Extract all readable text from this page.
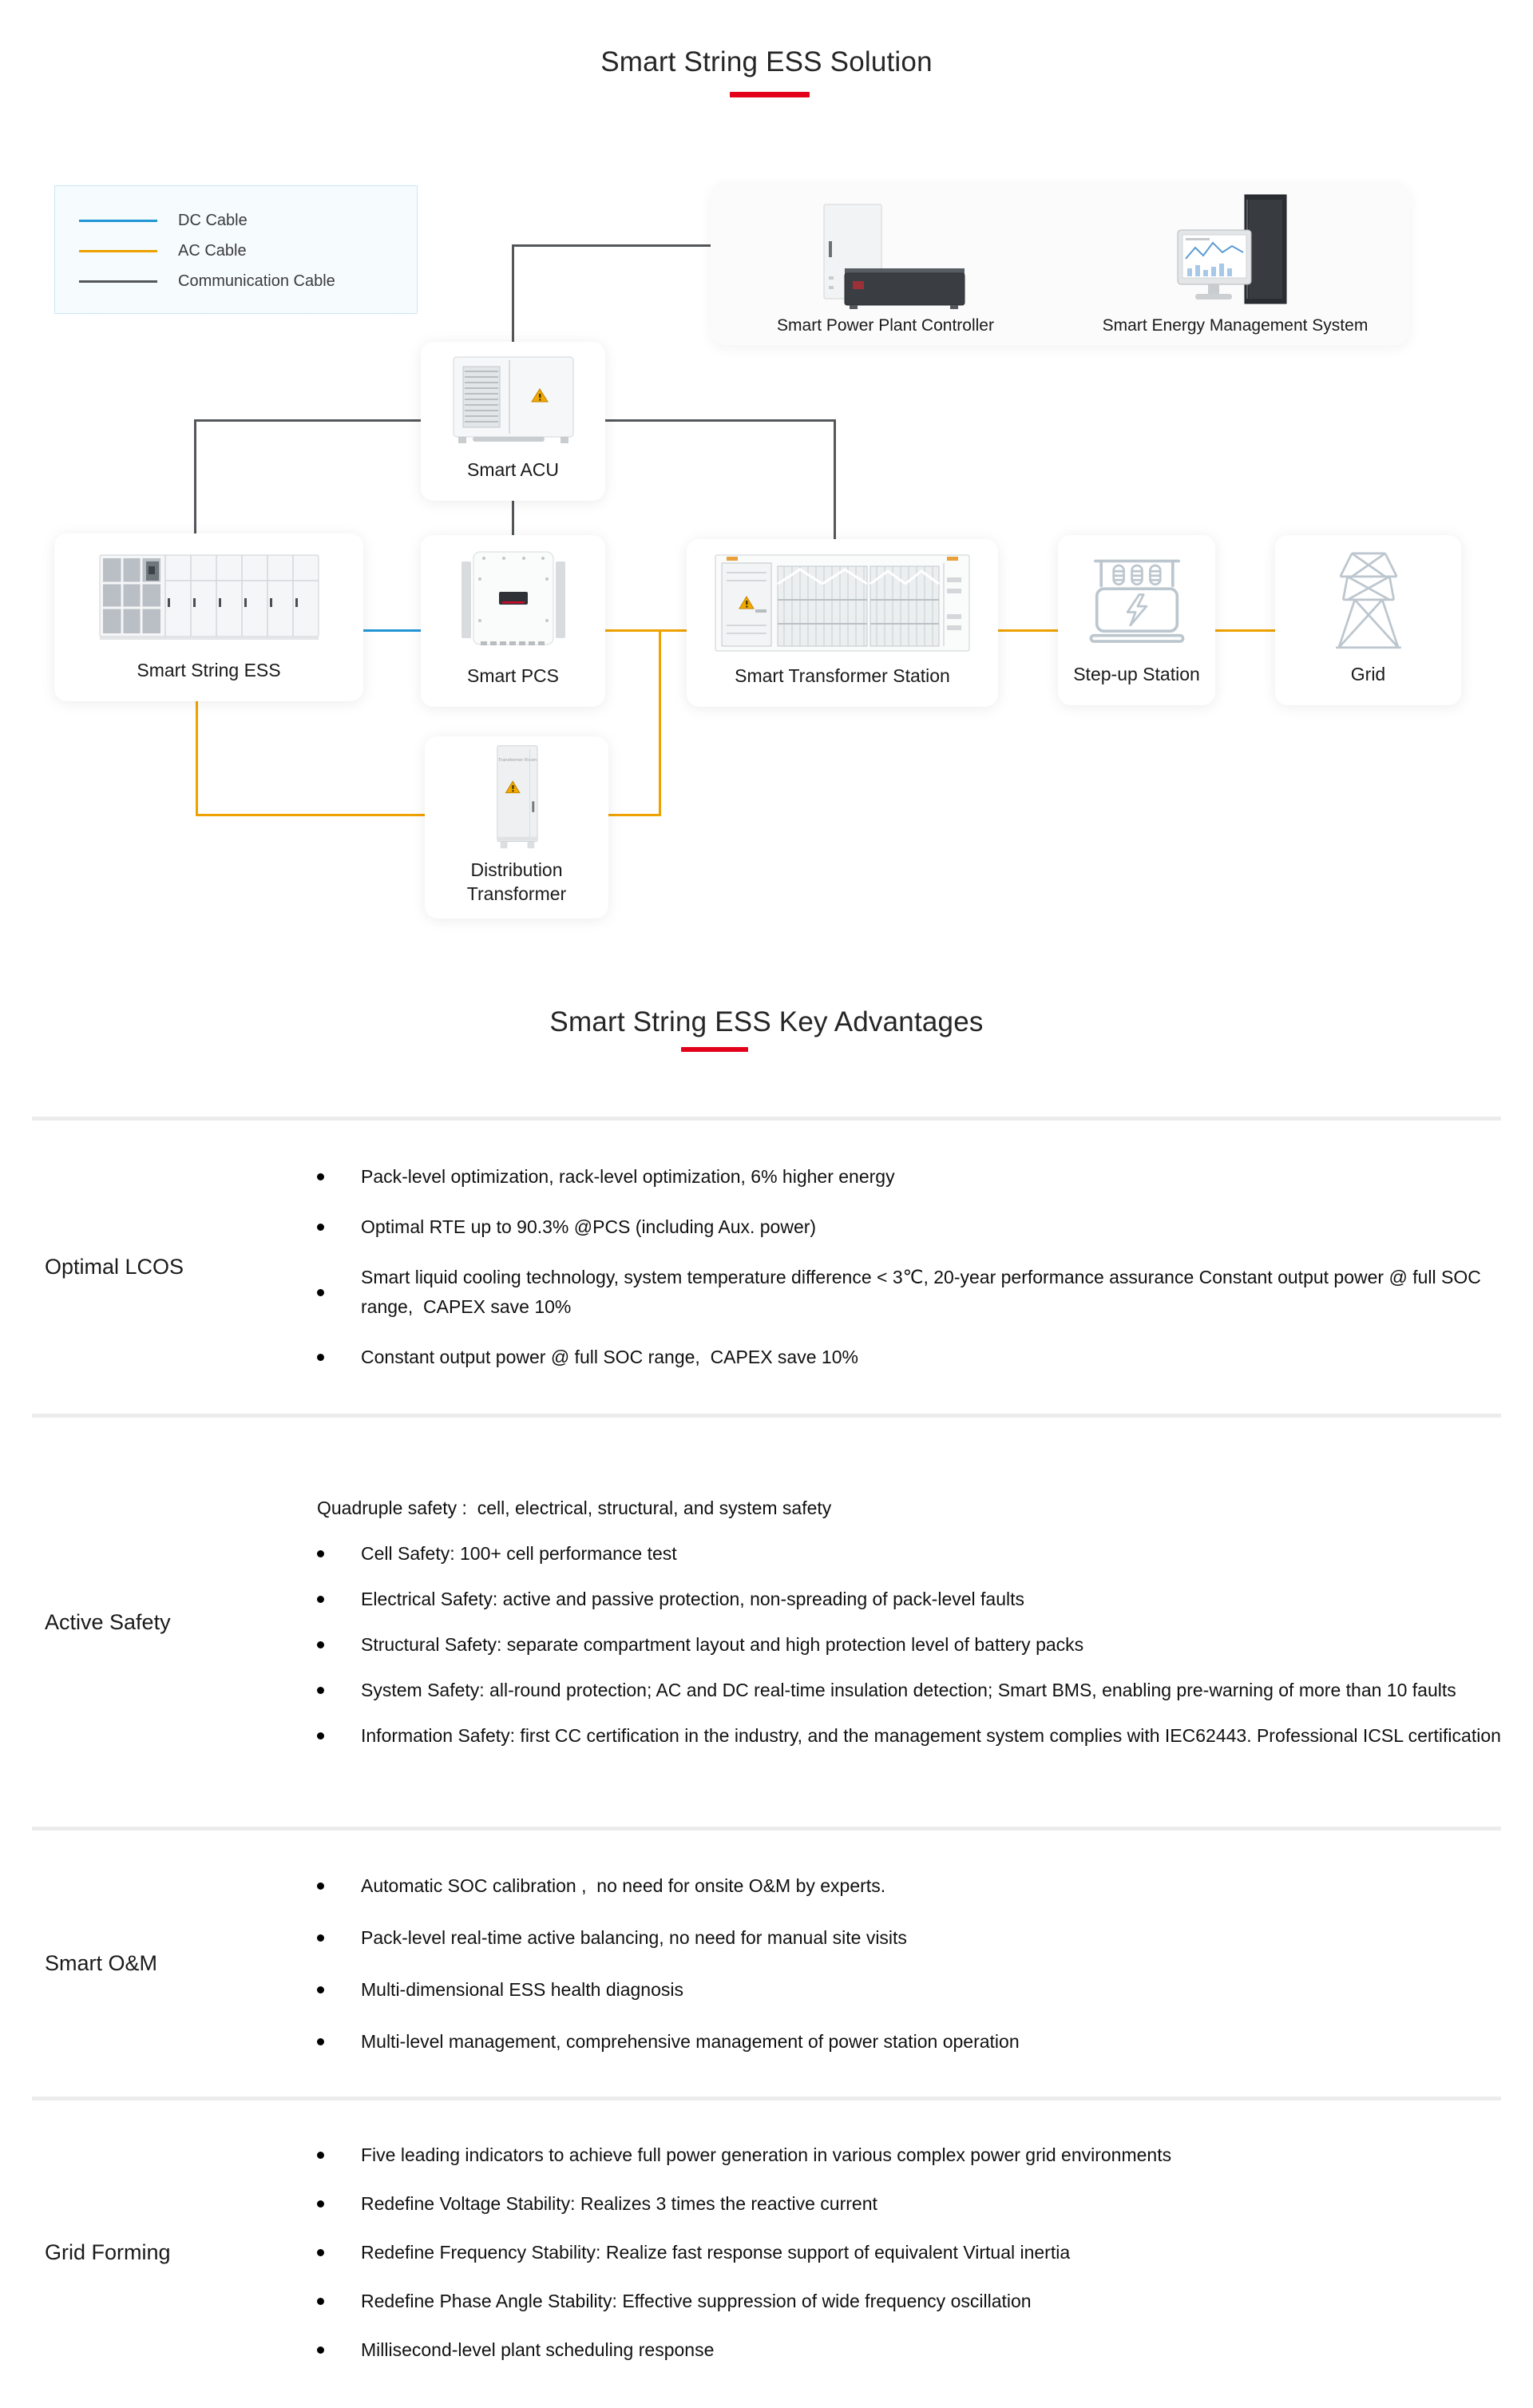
Smart String ESS Solution
DC Cable
AC Cable
Communication Cable
Smart Power Plant Controller	Smart Energy Management System
Smart ACU
Smart String ESS	Smart PCS	Smart Transformer Station	Step-up Station	Grid
Transformer Room
Distribution Transformer
Smart String ESS Key Advantages
Optimal LCOS

Pack-level optimization, rack-level optimization, 6% higher energy

Optimal RTE up to 90.3% @PCS (including Aux. power)

Smart liquid cooling technology, system temperature difference < 3℃, 20-year performance assurance Constant output power @ full SOC range,  CAPEX save 10%

Constant output power @ full SOC range,  CAPEX save 10%

Active Safety

Quadruple safety :  cell, electrical, structural, and system safety

Cell Safety: 100+ cell performance test

Electrical Safety: active and passive protection, non-spreading of pack-level faults

Structural Safety: separate compartment layout and high protection level of battery packs

System Safety: all-round protection; AC and DC real-time insulation detection; Smart BMS, enabling pre-warning of more than 10 faults

Information Safety: first CC certification in the industry, and the management system complies with IEC62443. Professional ICSL certification

Smart O&M

Automatic SOC calibration ,  no need for onsite O&M by experts.

Pack-level real-time active balancing, no need for manual site visits

Multi-dimensional ESS health diagnosis

Multi-level management, comprehensive management of power station operation

Grid Forming

Five leading indicators to achieve full power generation in various complex power grid environments

Redefine Voltage Stability: Realizes 3 times the reactive current

Redefine Frequency Stability: Realize fast response support of equivalent Virtual inertia

Redefine Phase Angle Stability: Effective suppression of wide frequency oscillation

Millisecond-level plant scheduling response
